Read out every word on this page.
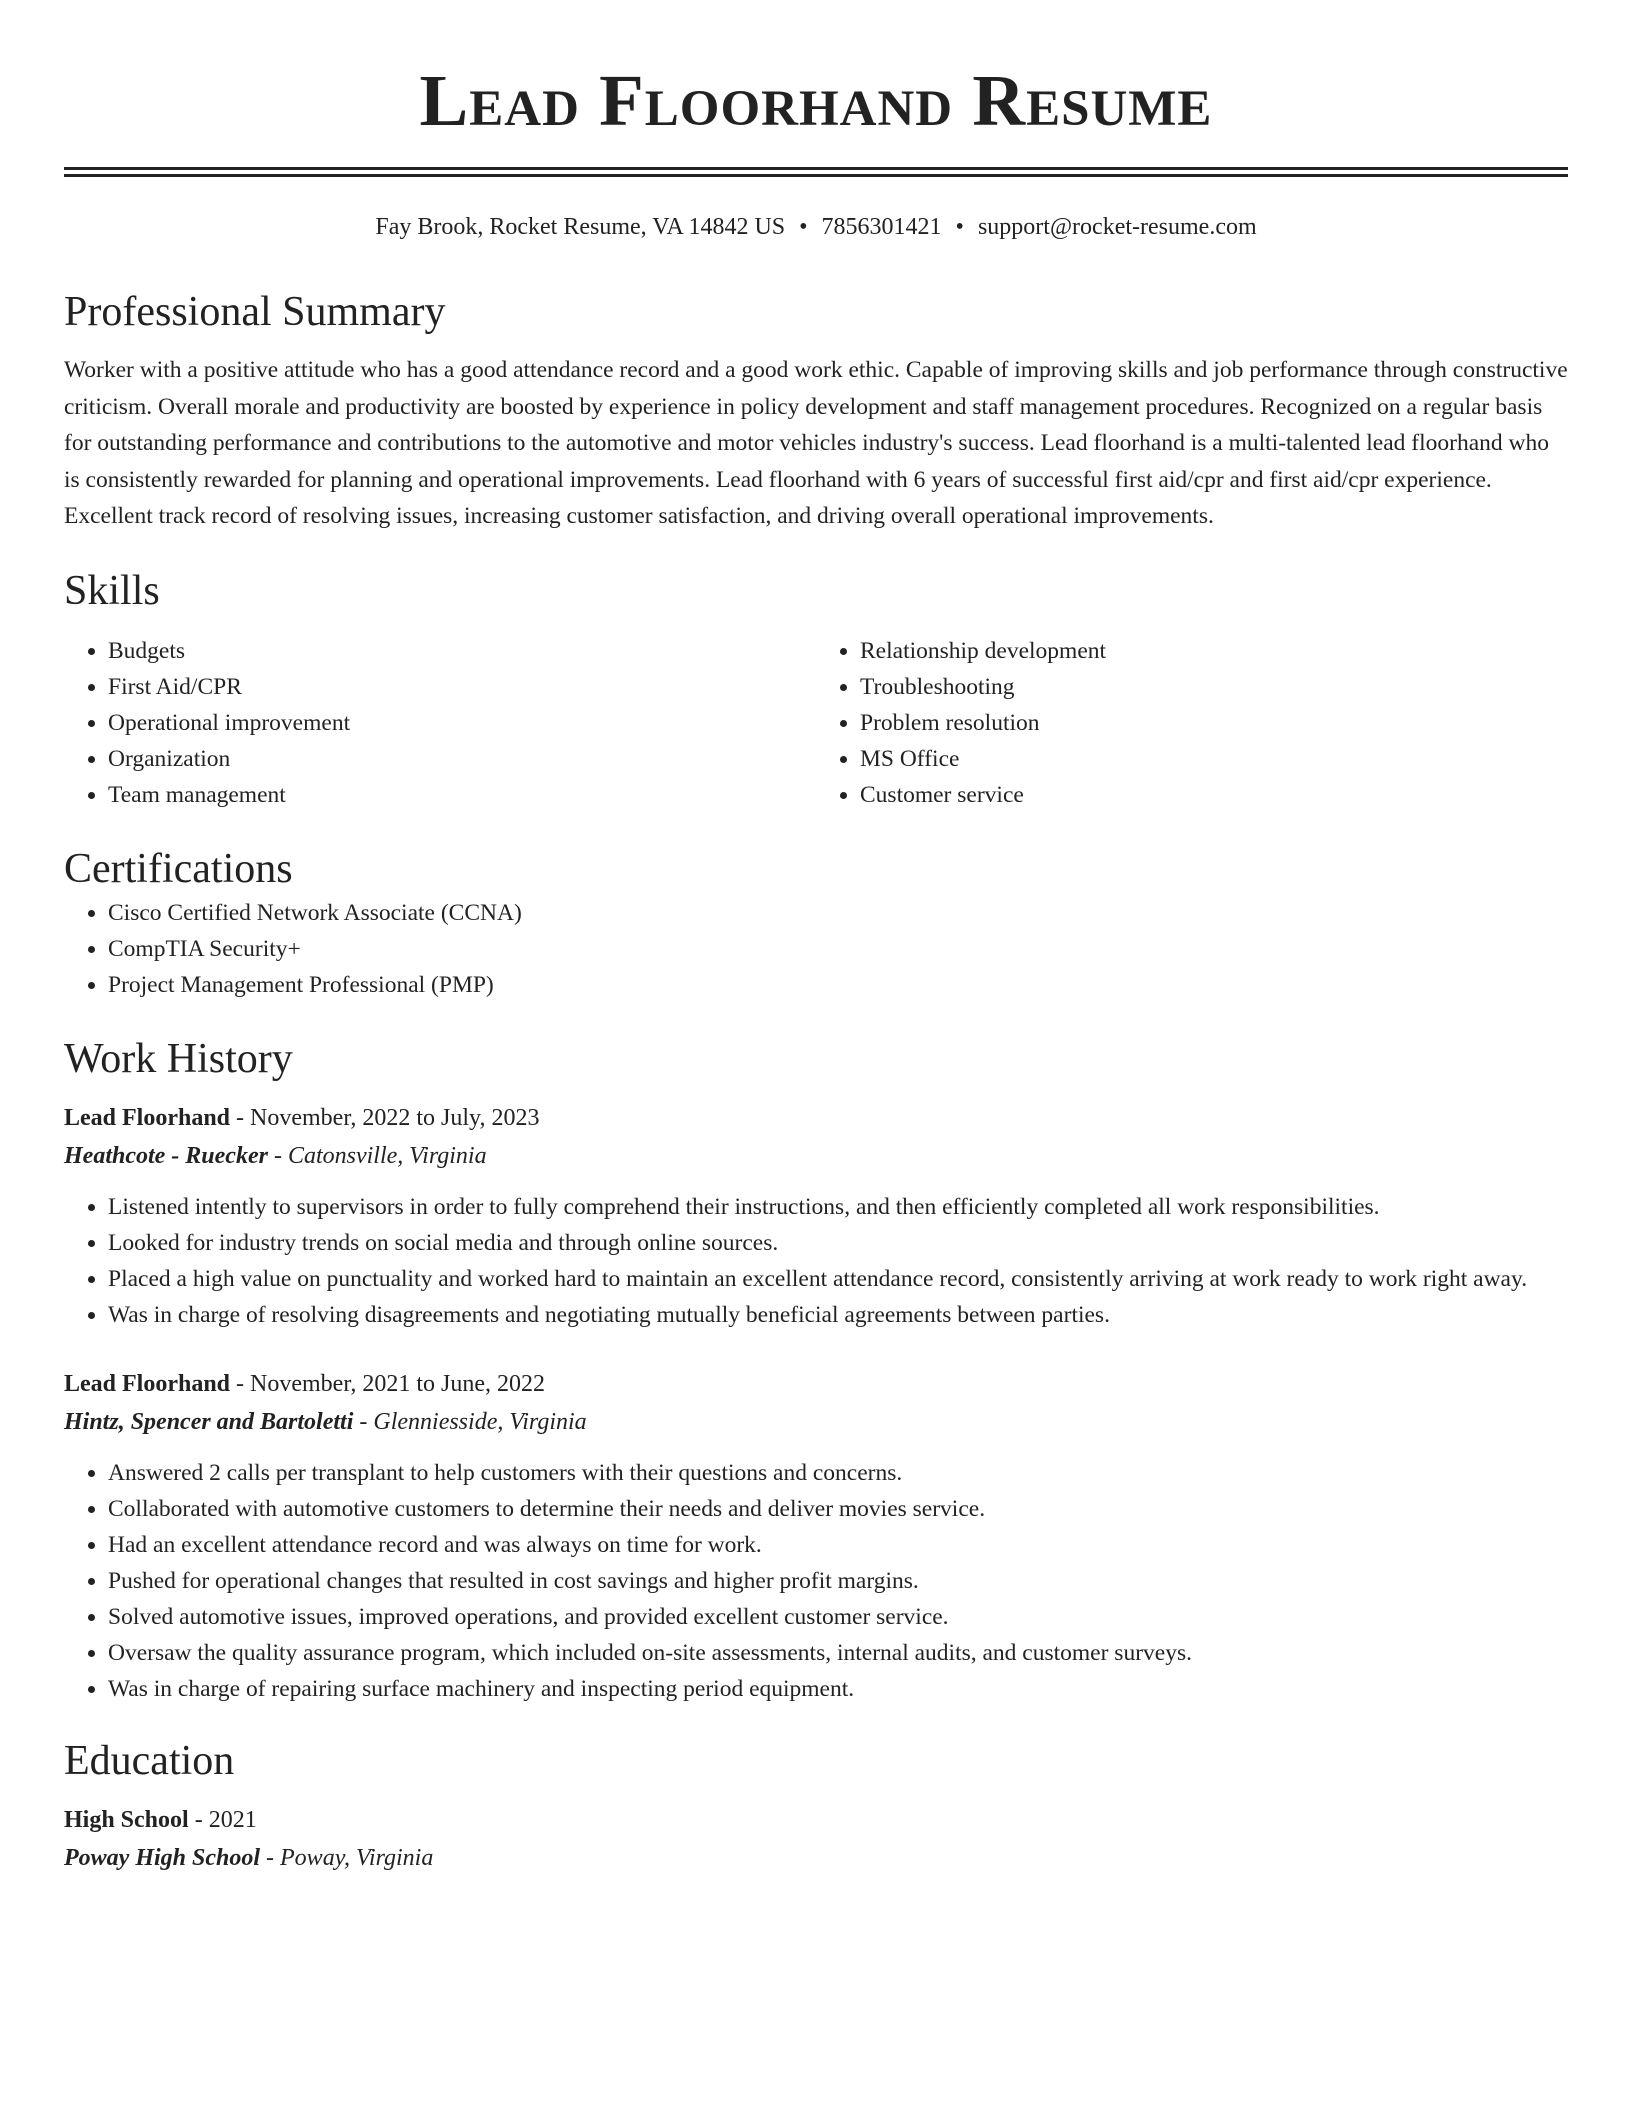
Lead Floorhand Resume
Fay Brook, Rocket Resume, VA 14842 US • 7856301421 • support@rocket-resume.com
Professional Summary

Worker with a positive attitude who has a good attendance record and a good work ethic. Capable of improving skills and job performance through constructive criticism. Overall morale and productivity are boosted by experience in policy development and staff management procedures. Recognized on a regular basis for outstanding performance and contributions to the automotive and motor vehicles industry's success. Lead floorhand is a multi-talented lead floorhand who is consistently rewarded for planning and operational improvements. Lead floorhand with 6 years of successful first aid/cpr and first aid/cpr experience. Excellent track record of resolving issues, increasing customer satisfaction, and driving overall operational improvements.

Skills
• Budgets
• First Aid/CPR
• Operational improvement
• Organization
• Team management
• Relationship development
• Troubleshooting
• Problem resolution
• MS Office
• Customer service
Certifications
• Cisco Certified Network Associate (CCNA)
• CompTIA Security+
• Project Management Professional (PMP)
Work History
Lead Floorhand - November, 2022 to July, 2023
Heathcote - Ruecker - Catonsville, Virginia
• Listened intently to supervisors in order to fully comprehend their instructions, and then efficiently completed all work responsibilities.
• Looked for industry trends on social media and through online sources.
• Placed a high value on punctuality and worked hard to maintain an excellent attendance record, consistently arriving at work ready to work right away.
• Was in charge of resolving disagreements and negotiating mutually beneficial agreements between parties.
Lead Floorhand - November, 2021 to June, 2022
Hintz, Spencer and Bartoletti - Glenniesside, Virginia
• Answered 2 calls per transplant to help customers with their questions and concerns.
• Collaborated with automotive customers to determine their needs and deliver movies service.
• Had an excellent attendance record and was always on time for work.
• Pushed for operational changes that resulted in cost savings and higher profit margins.
• Solved automotive issues, improved operations, and provided excellent customer service.
• Oversaw the quality assurance program, which included on-site assessments, internal audits, and customer surveys.
• Was in charge of repairing surface machinery and inspecting period equipment.
Education
High School - 2021
Poway High School - Poway, Virginia
